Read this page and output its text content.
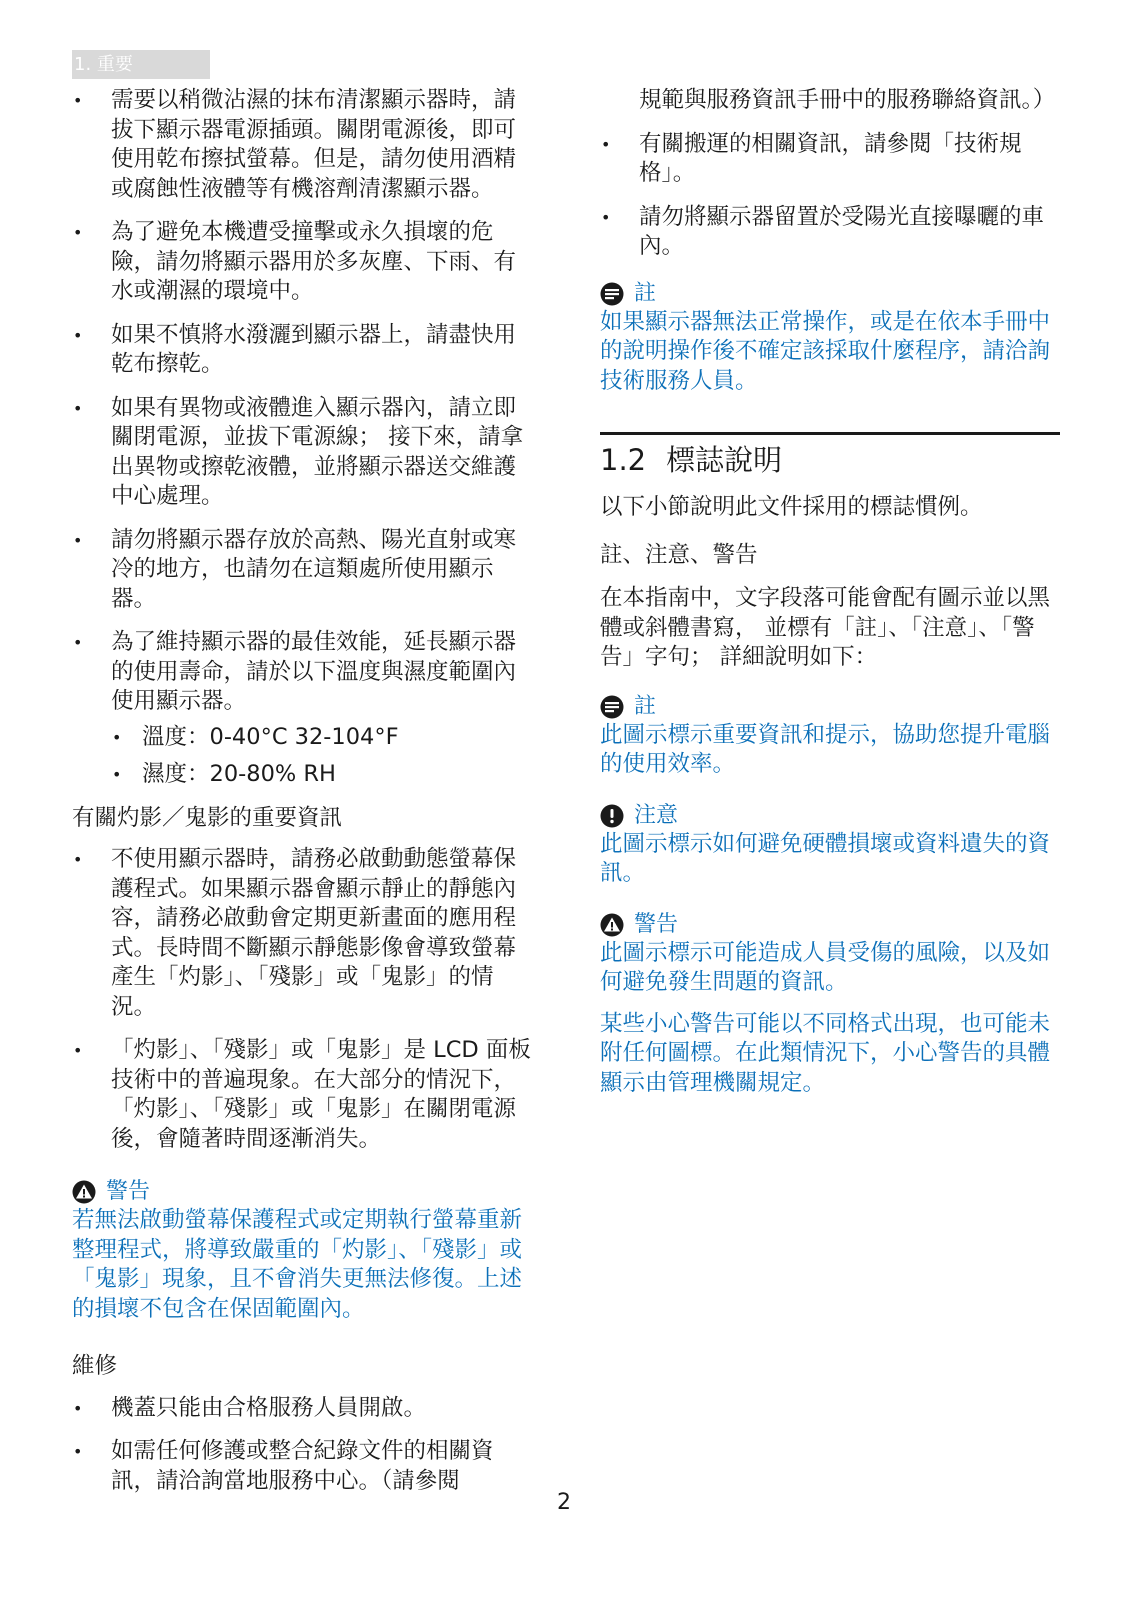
1. 重要
• 需要以稍微沾濕的抹布清潔顯示器時，請拔下顯示器電源插頭。關閉電源後，即可使用乾布擦拭螢幕。但是，請勿使用酒精或腐蝕性液體等有機溶劑清潔顯示器。
• 為了避免本機遭受撞擊或永久損壞的危險，請勿將顯示器用於多灰塵、下雨、有水或潮濕的環境中。
• 如果不慎將水潑灑到顯示器上，請盡快用乾布擦乾。
• 如果有異物或液體進入顯示器內，請立即關閉電源，並拔下電源線； 接下來，請拿出異物或擦乾液體，並將顯示器送交維護中心處理。
• 請勿將顯示器存放於高熱、陽光直射或寒冷的地方，也請勿在這類處所使用顯示器。
• 為了維持顯示器的最佳效能，延長顯示器的使用壽命，請於以下溫度與濕度範圍內使用顯示器。
• 溫度：0-40°C 32-104°F
• 濕度：20-80% RH
有關灼影／鬼影的重要資訊
• 不使用顯示器時，請務必啟動動態螢幕保護程式。如果顯示器會顯示靜止的靜態內容，請務必啟動會定期更新畫面的應用程式。長時間不斷顯示靜態影像會導致螢幕產生「灼影」、「殘影」或「鬼影」的情況。
• 「灼影」、「殘影」或「鬼影」是 LCD 面板技術中的普遍現象。在大部分的情況下，「灼影」、「殘影」或「鬼影」在關閉電源後，會隨著時間逐漸消失。
警告
若無法啟動螢幕保護程式或定期執行螢幕重新整理程式，將導致嚴重的「灼影」、「殘影」或「鬼影」現象，且不會消失更無法修復。上述的損壞不包含在保固範圍內。
維修
• 機蓋只能由合格服務人員開啟。
• 如需任何修護或整合紀錄文件的相關資訊，請洽詢當地服務中心。（請參閱
規範與服務資訊手冊中的服務聯絡資訊。）
• 有關搬運的相關資訊，請參閱「技術規格」。
• 請勿將顯示器留置於受陽光直接曝曬的車內。
註
如果顯示器無法正常操作，或是在依本手冊中的說明操作後不確定該採取什麼程序，請洽詢技術服務人員。
1.2 標誌說明
以下小節說明此文件採用的標誌慣例。
註、注意、警告
在本指南中，文字段落可能會配有圖示並以黑體或斜體書寫， 並標有「註」、「注意」、「警告」字句； 詳細說明如下：
註
此圖示標示重要資訊和提示，協助您提升電腦的使用效率。
注意
此圖示標示如何避免硬體損壞或資料遺失的資訊。
警告
此圖示標示可能造成人員受傷的風險，以及如何避免發生問題的資訊。
某些小心警告可能以不同格式出現，也可能未附任何圖標。在此類情況下，小心警告的具體顯示由管理機關規定。
2
